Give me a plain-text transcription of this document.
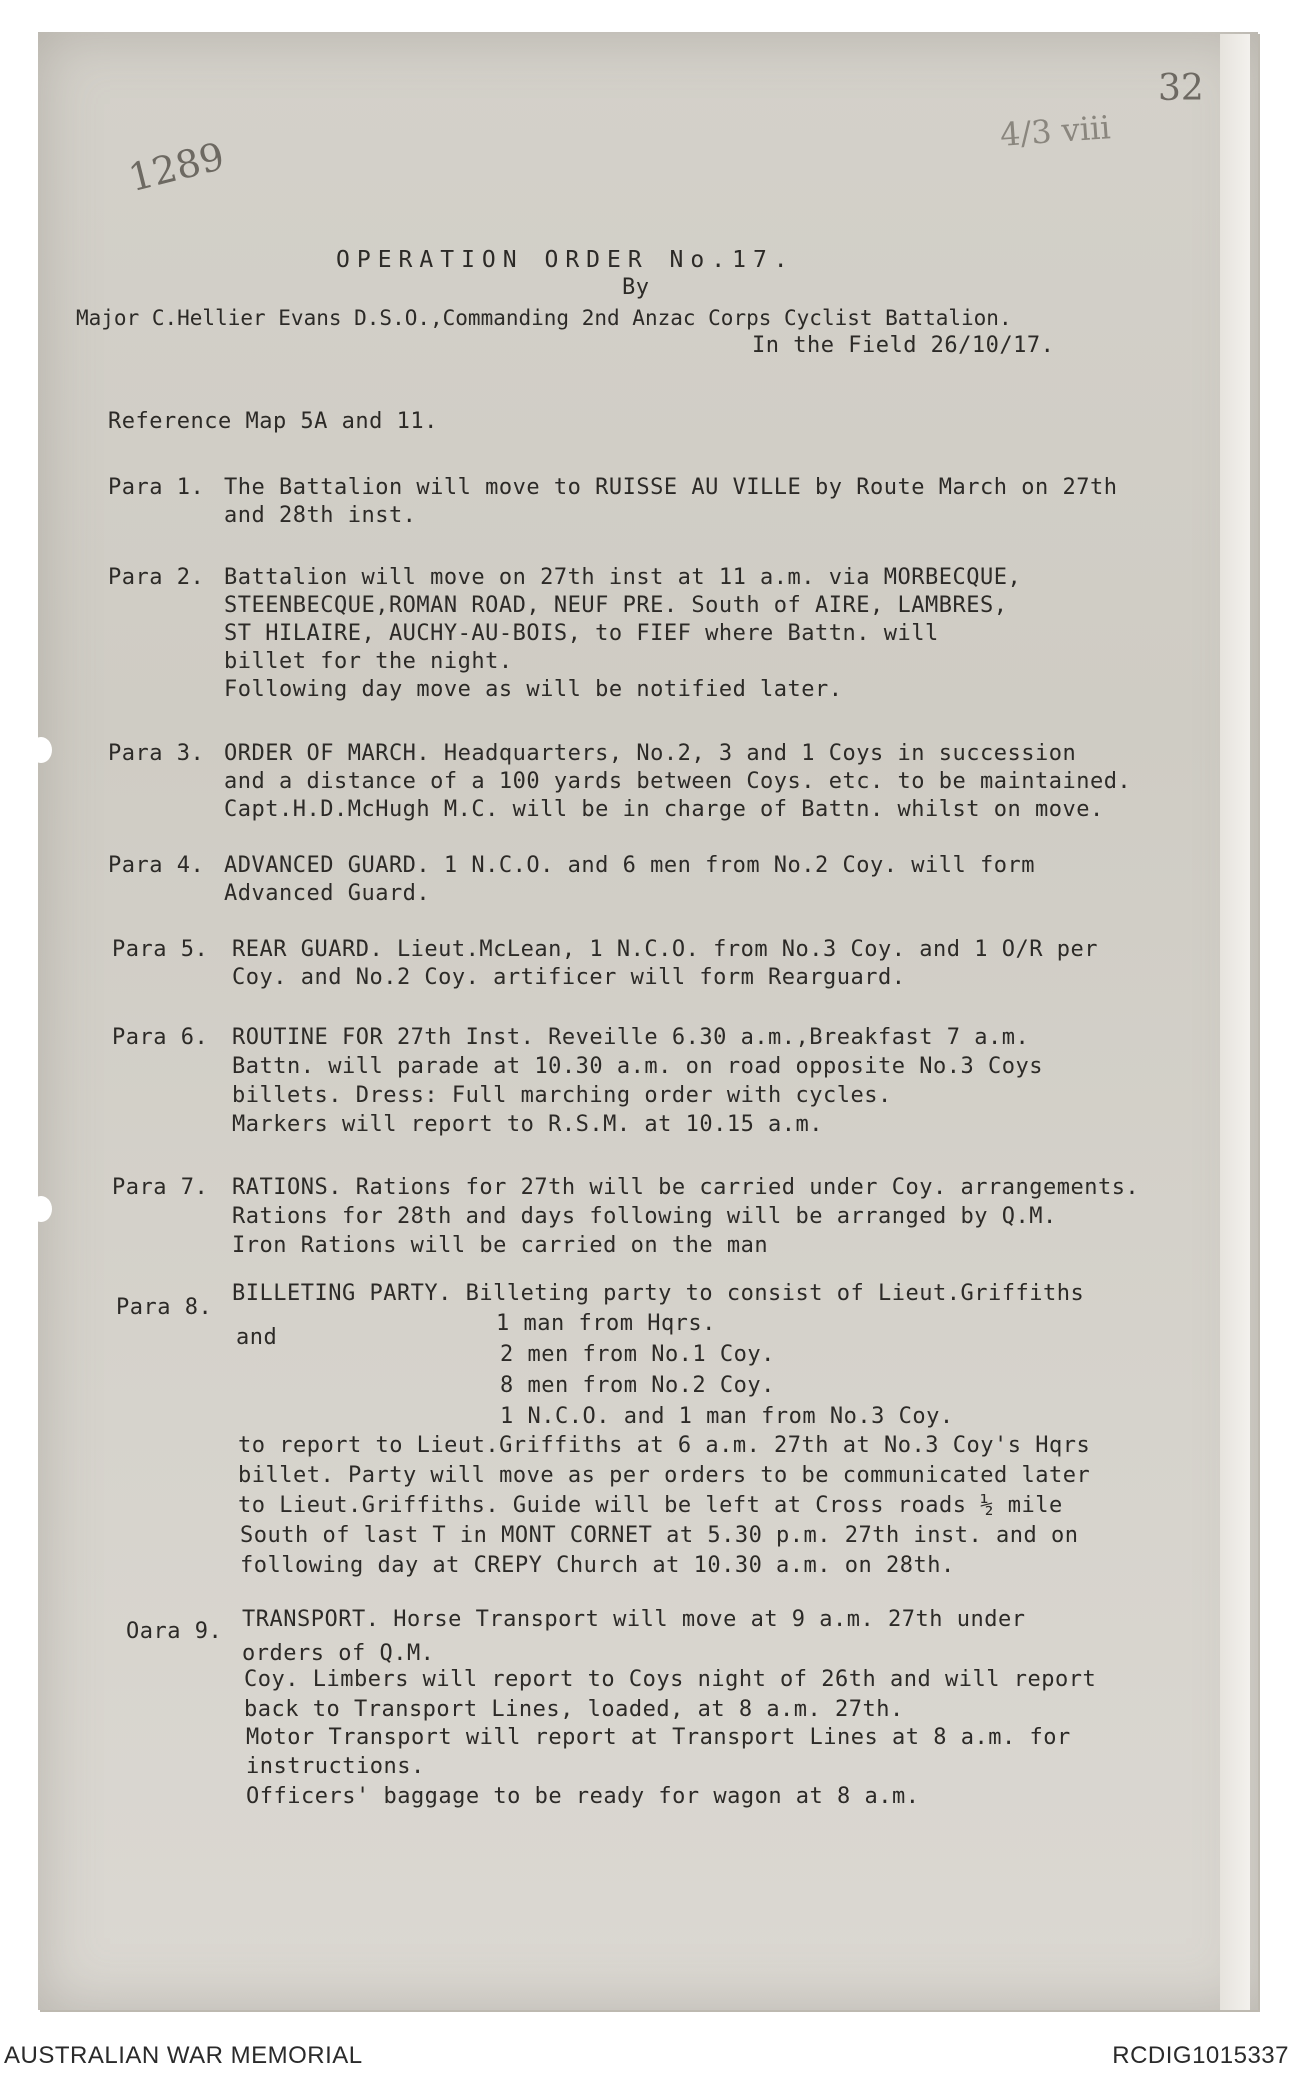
32
1289
4/3 viii
OPERATION ORDER No.17.
By
Major C.Hellier Evans D.S.O.,Commanding 2nd Anzac Corps Cyclist Battalion.
In the Field 26/10/17.
Reference Map 5A and 11.
Para 1. The Battalion will move to RUISSE AU VILLE by Route March on 27th
and 28th inst.
Para 2. Battalion will move on 27th inst at 11 a.m. via MORBECQUE,
STEENBECQUE,ROMAN ROAD, NEUF PRE. South of AIRE, LAMBRES,
ST HILAIRE, AUCHY-AU-BOIS, to FIEF where Battn. will
billet for the night.
Following day move as will be notified later.
Para 3. ORDER OF MARCH. Headquarters, No.2, 3 and 1 Coys in succession
and a distance of a 100 yards between Coys. etc. to be maintained.
Capt.H.D.McHugh M.C. will be in charge of Battn. whilst on move.
Para 4. ADVANCED GUARD. 1 N.C.O. and 6 men from No.2 Coy. will form
Advanced Guard.
Para 5. REAR GUARD. Lieut.McLean, 1 N.C.O. from No.3 Coy. and 1 O/R per
Coy. and No.2 Coy. artificer will form Rearguard.
Para 6. ROUTINE FOR 27th Inst. Reveille 6.30 a.m.,Breakfast 7 a.m.
Battn. will parade at 10.30 a.m. on road opposite No.3 Coys
billets. Dress: Full marching order with cycles.
Markers will report to R.S.M. at 10.15 a.m.
Para 7. RATIONS. Rations for 27th will be carried under Coy. arrangements.
Rations for 28th and days following will be arranged by Q.M.
Iron Rations will be carried on the man
Para 8.
BILLETING PARTY. Billeting party to consist of Lieut.Griffiths
and
1 man from Hqrs.
2 men from No.1 Coy.
8 men from No.2 Coy.
1 N.C.O. and 1 man from No.3 Coy.
to report to Lieut.Griffiths at 6 a.m. 27th at No.3 Coy's Hqrs
billet. Party will move as per orders to be communicated later
to Lieut.Griffiths. Guide will be left at Cross roads ½ mile
South of last T in MONT CORNET at 5.30 p.m. 27th inst. and on
following day at CREPY Church at 10.30 a.m. on 28th.
Oara 9. TRANSPORT. Horse Transport will move at 9 a.m. 27th under
orders of Q.M.
Coy. Limbers will report to Coys night of 26th and will report
back to Transport Lines, loaded, at 8 a.m. 27th.
Motor Transport will report at Transport Lines at 8 a.m. for
instructions.
Officers' baggage to be ready for wagon at 8 a.m.
AUSTRALIAN WAR MEMORIAL	RCDIG1015337
